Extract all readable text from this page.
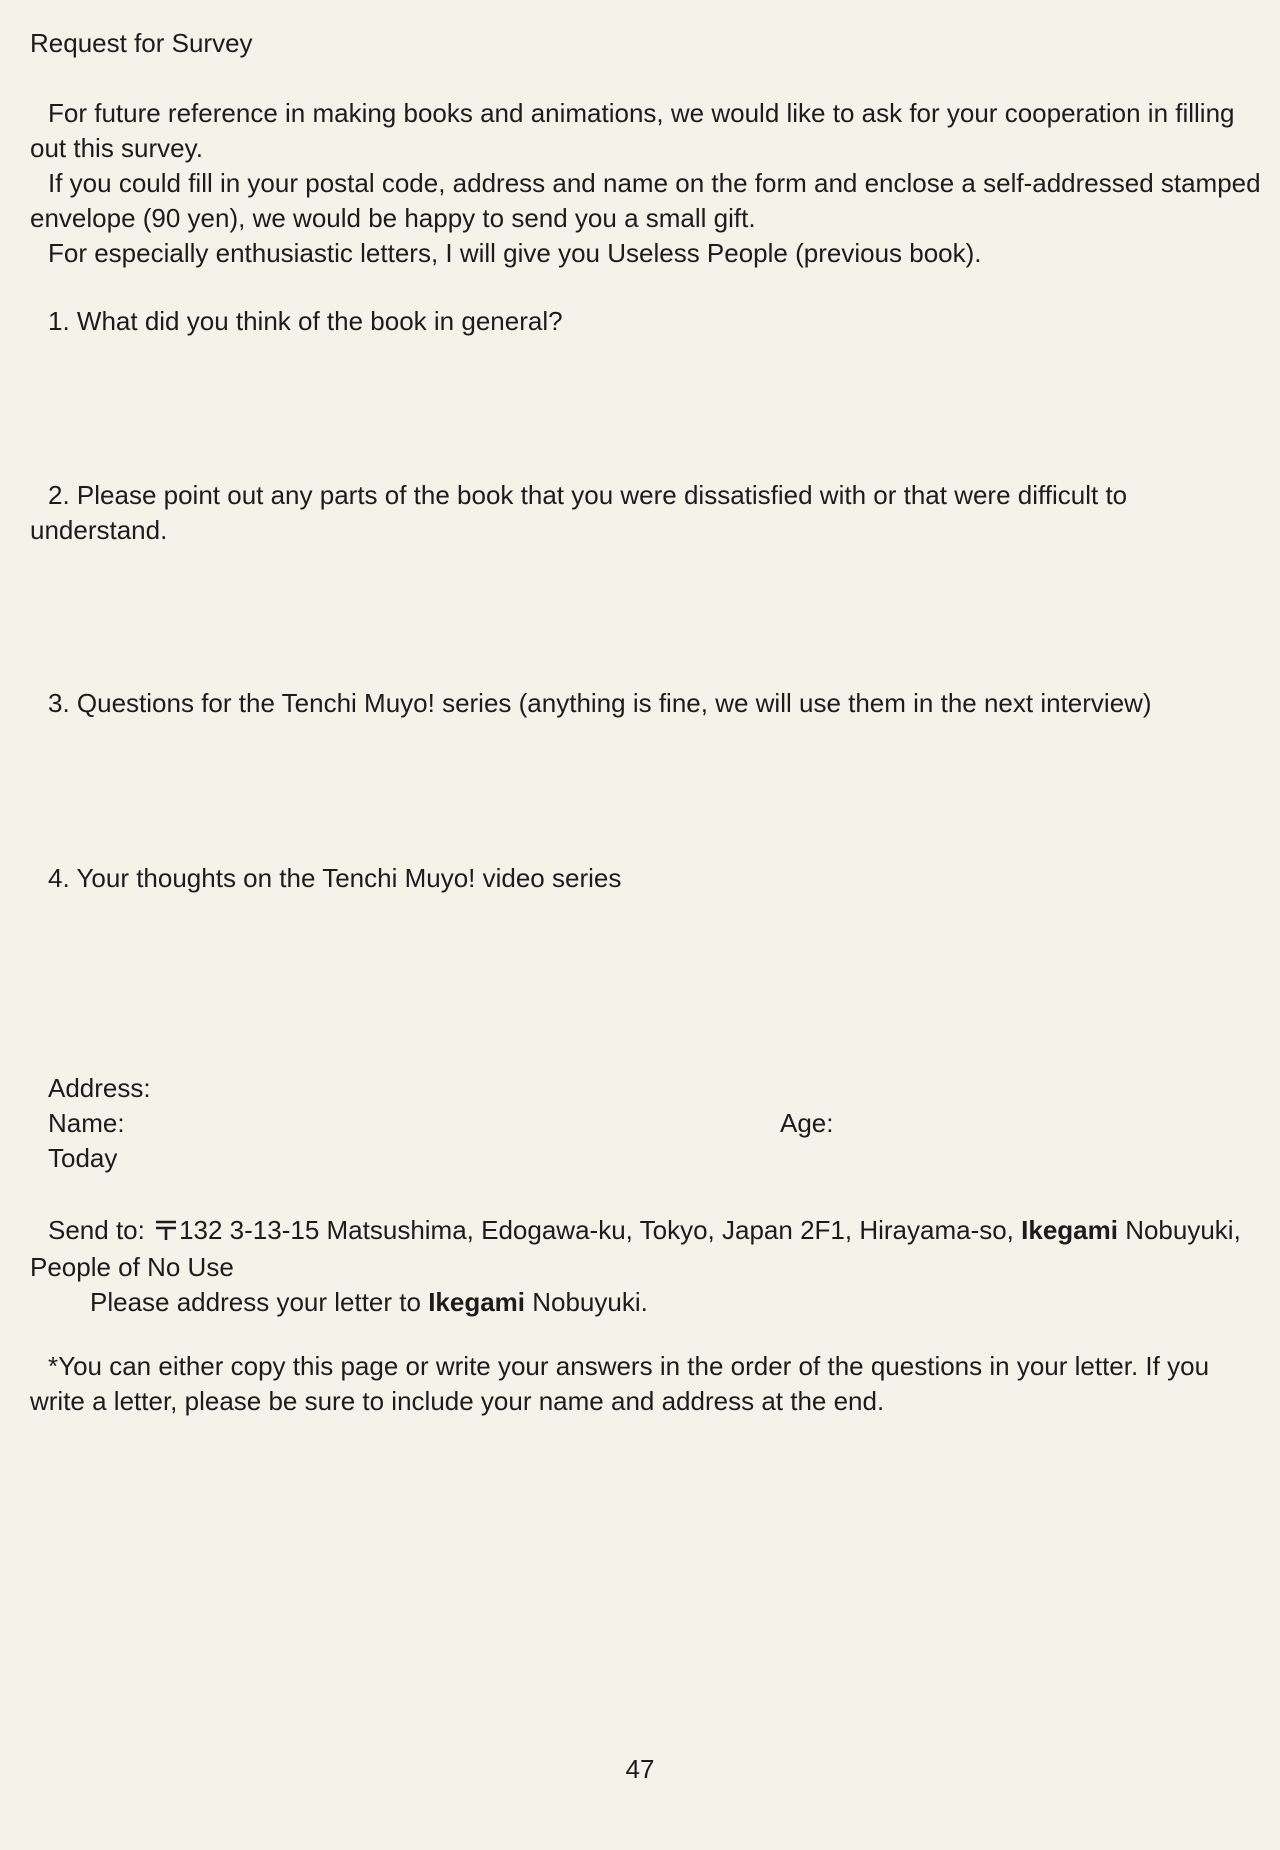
Request for Survey
For future reference in making books and animations, we would like to ask for your cooperation in filling
out this survey.
If you could fill in your postal code, address and name on the form and enclose a self-addressed stamped
envelope (90 yen), we would be happy to send you a small gift.
For especially enthusiastic letters, I will give you Useless People (previous book).
1. What did you think of the book in general?
2. Please point out any parts of the book that you were dissatisfied with or that were difficult to
understand.
3. Questions for the Tenchi Muyo! series (anything is fine, we will use them in the next interview)
4. Your thoughts on the Tenchi Muyo! video series
Address:
Name:	Age:
Today
Send to: 132 3-13-15 Matsushima, Edogawa-ku, Tokyo, Japan 2F1, Hirayama-so, Ikegami Nobuyuki,
People of No Use
Please address your letter to Ikegami Nobuyuki.
*You can either copy this page or write your answers in the order of the questions in your letter. If you
write a letter, please be sure to include your name and address at the end.
47
